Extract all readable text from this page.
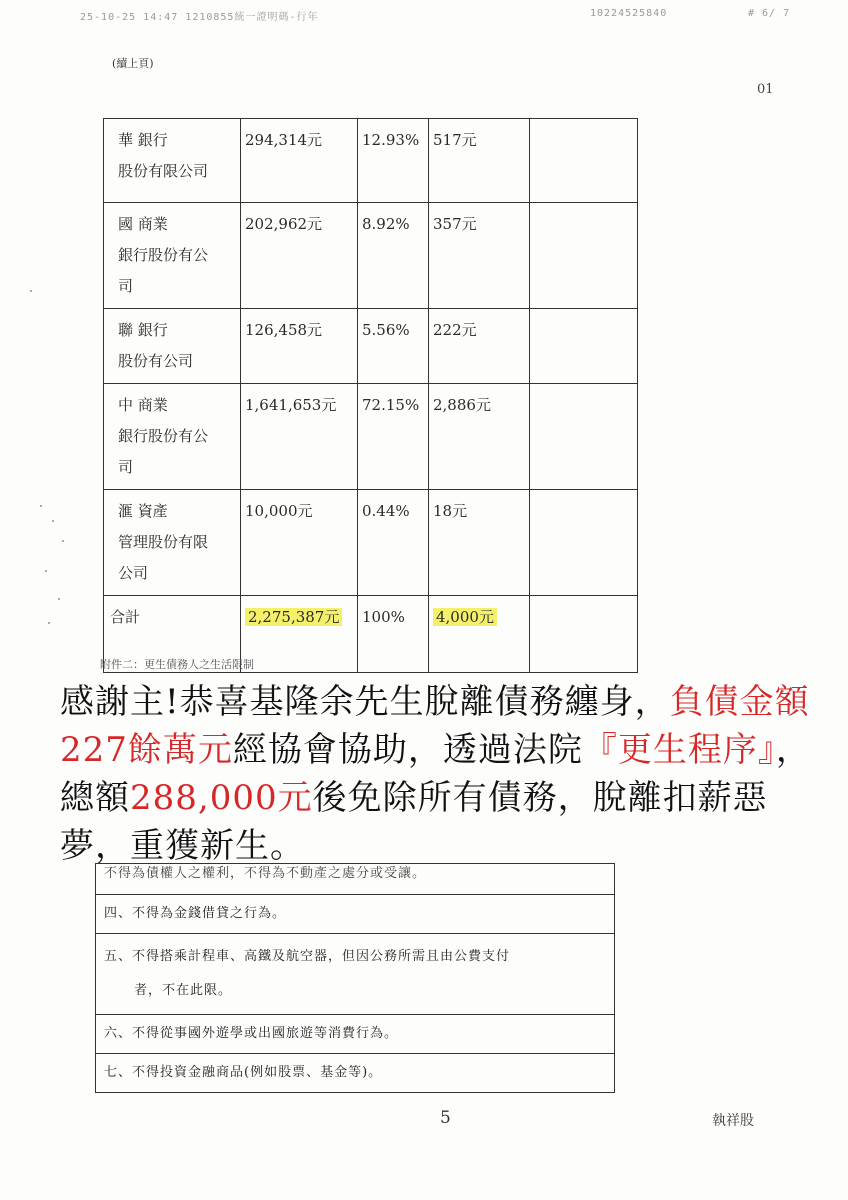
25-10-25 14:47 1210855統一證明碼-行年	10224525840	# 6/ 7
(續上頁)
01
華 銀行
股份有限公司	294,314元	12.93%	517元	
國 商業
銀行股份有公
司	202,962元	8.92%	357元	
聯 銀行
股份有公司	126,458元	5.56%	222元	
中 商業
銀行股份有公
司	1,641,653元	72.15%	2,886元	
滙 資產
管理股份有限
公司	10,000元	0.44%	18元	
合計	2,275,387元	100%	4,000元	
附件二：更生債務人之生活限制
感謝主!恭喜基隆余先生脫離債務纏身，負債金額227餘萬元經協會協助，透過法院『更生程序』，總額288,000元後免除所有債務，脫離扣薪惡夢，重獲新生。
不得為債權人之權利，不得為不動產之處分或受讓。
四、不得為金錢借貸之行為。
五、不得搭乘計程車、高鐵及航空器，但因公務所需且由公費支付
者，不在此限。
六、不得從事國外遊學或出國旅遊等消費行為。
七、不得投資金融商品(例如股票、基金等)。
5	執祥股
